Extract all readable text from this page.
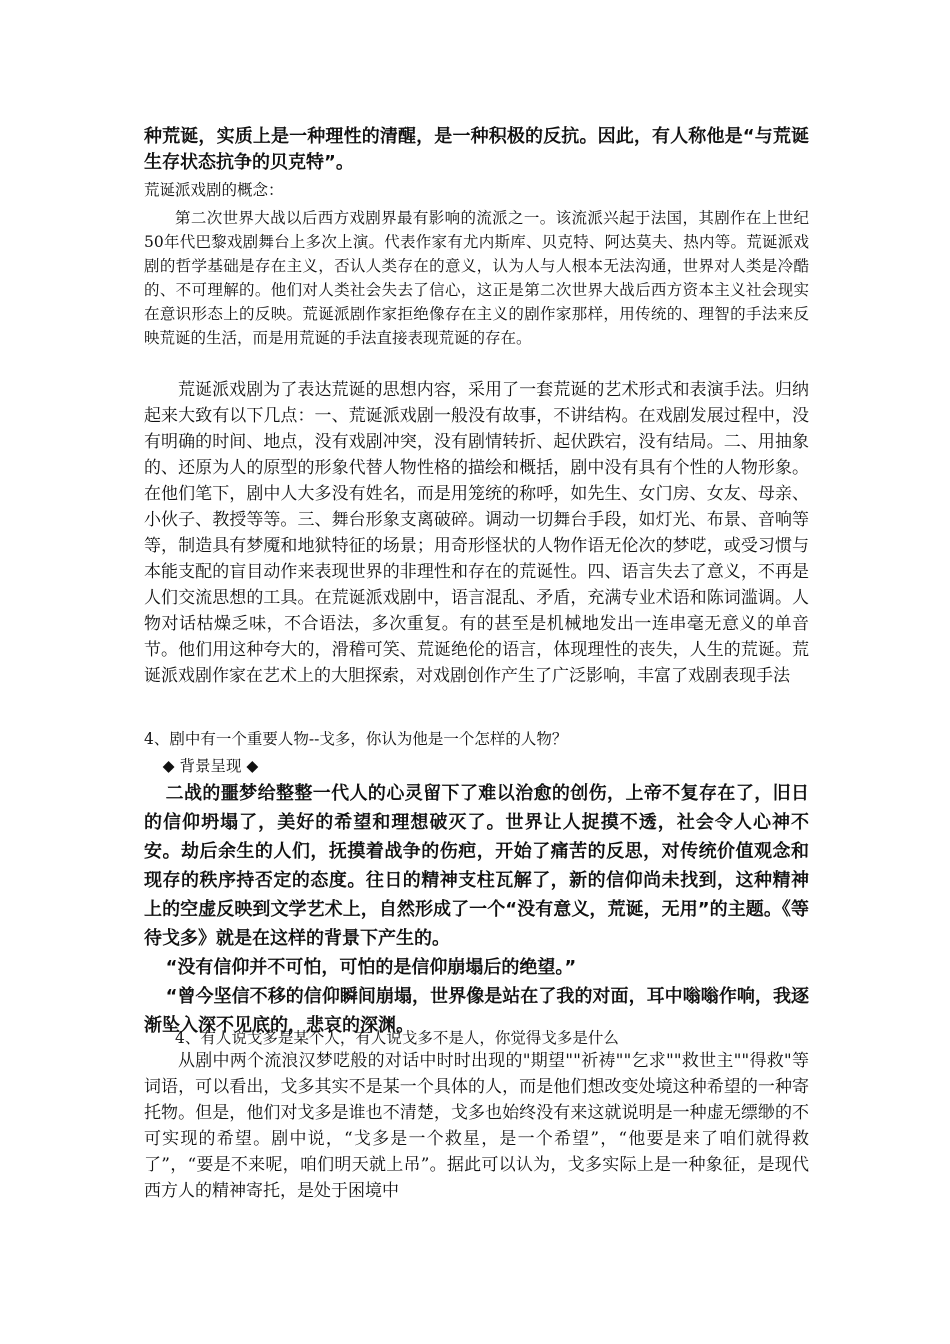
种荒诞，实质上是一种理性的清醒，是一种积极的反抗。因此，有人称他是“与荒诞生存状态抗争的贝克特”。

荒诞派戏剧的概念：

第二次世界大战以后西方戏剧界最有影响的流派之一。该流派兴起于法国，其剧作在上世纪50年代巴黎戏剧舞台上多次上演。代表作家有尤内斯库、贝克特、阿达莫夫、热内等。荒诞派戏剧的哲学基础是存在主义，否认人类存在的意义，认为人与人根本无法沟通，世界对人类是冷酷的、不可理解的。他们对人类社会失去了信心，这正是第二次世界大战后西方资本主义社会现实在意识形态上的反映。荒诞派剧作家拒绝像存在主义的剧作家那样，用传统的、理智的手法来反映荒诞的生活，而是用荒诞的手法直接表现荒诞的存在。

荒诞派戏剧为了表达荒诞的思想内容，采用了一套荒诞的艺术形式和表演手法。归纳起来大致有以下几点：一、荒诞派戏剧一般没有故事，不讲结构。在戏剧发展过程中，没有明确的时间、地点，没有戏剧冲突，没有剧情转折、起伏跌宕，没有结局。二、用抽象的、还原为人的原型的形象代替人物性格的描绘和概括，剧中没有具有个性的人物形象。在他们笔下，剧中人大多没有姓名，而是用笼统的称呼，如先生、女门房、女友、母亲、小伙子、教授等等。三、舞台形象支离破碎。调动一切舞台手段，如灯光、布景、音响等等，制造具有梦魇和地狱特征的场景；用奇形怪状的人物作语无伦次的梦呓，或受习惯与本能支配的盲目动作来表现世界的非理性和存在的荒诞性。四、语言失去了意义，不再是人们交流思想的工具。在荒诞派戏剧中，语言混乱、矛盾，充满专业术语和陈词滥调。人物对话枯燥乏味，不合语法，多次重复。有的甚至是机械地发出一连串毫无意义的单音节。他们用这种夸大的，滑稽可笑、荒诞绝伦的语言，体现理性的丧失，人生的荒诞。荒诞派戏剧作家在艺术上的大胆探索，对戏剧创作产生了广泛影响，丰富了戏剧表现手法

4、剧中有一个重要人物--戈多，你认为他是一个怎样的人物？

◆ 背景呈现 ◆

二战的噩梦给整整一代人的心灵留下了难以治愈的创伤，上帝不复存在了，旧日的信仰坍塌了，美好的希望和理想破灭了。世界让人捉摸不透，社会令人心神不安。劫后余生的人们，抚摸着战争的伤疤，开始了痛苦的反思，对传统价值观念和现存的秩序持否定的态度。往日的精神支柱瓦解了，新的信仰尚未找到，这种精神上的空虚反映到文学艺术上，自然形成了一个“没有意义，荒诞，无用”的主题。《等待戈多》就是在这样的背景下产生的。

“没有信仰并不可怕，可怕的是信仰崩塌后的绝望。”

“曾今坚信不移的信仰瞬间崩塌，世界像是站在了我的对面，耳中嗡嗡作响，我逐渐坠入深不见底的，悲哀的深渊。

4、有人说戈多是某个人，有人说戈多不是人，你觉得戈多是什么

从剧中两个流浪汉梦呓般的对话中时时出现的"期望""祈祷""乞求""救世主""得救"等词语，可以看出，戈多其实不是某一个具体的人，而是他们想改变处境这种希望的一种寄托物。但是，他们对戈多是谁也不清楚，戈多也始终没有来这就说明是一种虚无缥缈的不可实现的希望。剧中说，“戈多是一个救星，是一个希望”，“他要是来了咱们就得救了”，“要是不来呢，咱们明天就上吊”。据此可以认为，戈多实际上是一种象征，是现代西方人的精神寄托，是处于困境中
